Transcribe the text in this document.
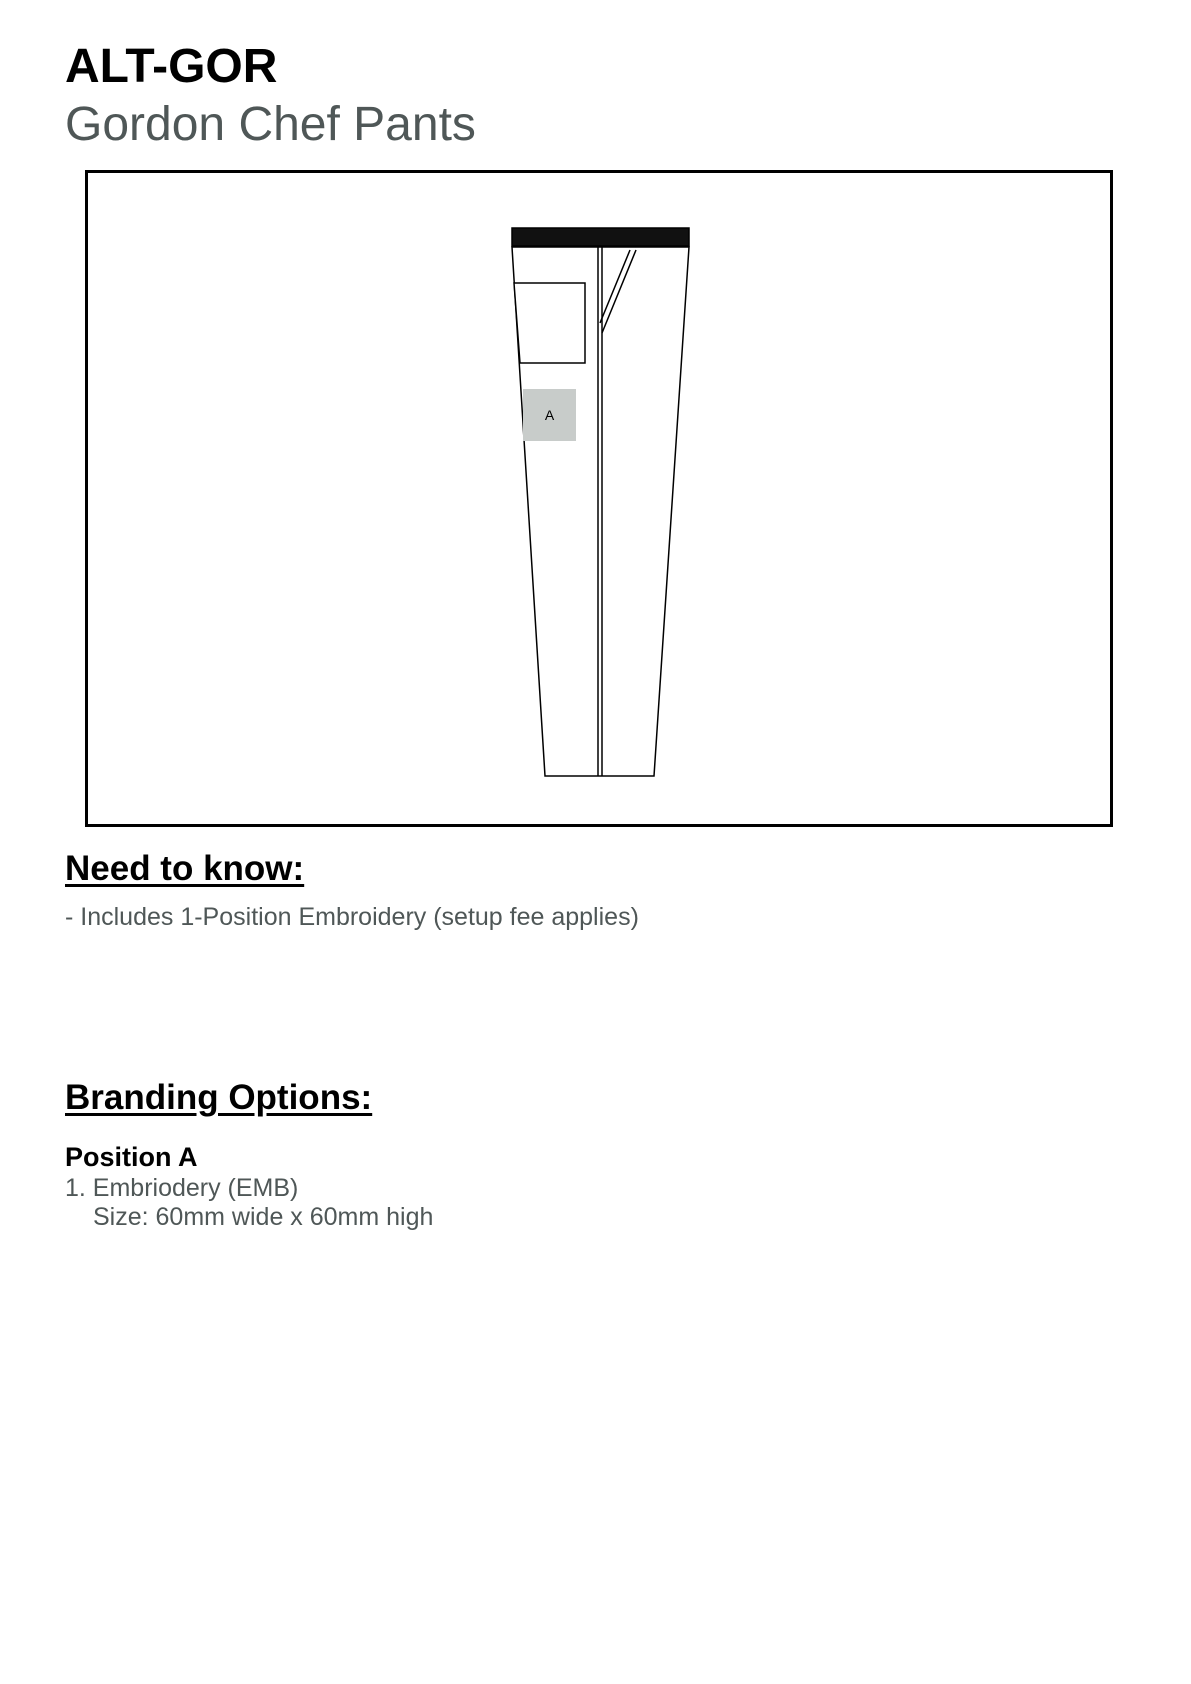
ALT-GOR
Gordon Chef Pants
A
Need to know:
- Includes 1-Position Embroidery (setup fee applies)
Branding Options:
Position A
1. Embriodery (EMB)
Size: 60mm wide x 60mm high
